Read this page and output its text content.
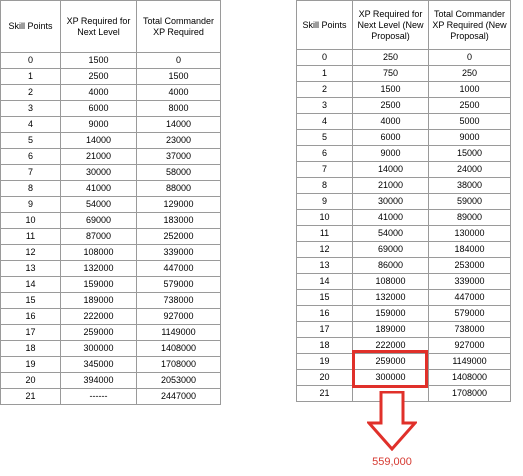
Skill Points	XP Required for Next Level	Total Commander XP Required
0	1500	0
1	2500	1500
2	4000	4000
3	6000	8000
4	9000	14000
5	14000	23000
6	21000	37000
7	30000	58000
8	41000	88000
9	54000	129000
10	69000	183000
11	87000	252000
12	108000	339000
13	132000	447000
14	159000	579000
15	189000	738000
16	222000	927000
17	259000	1149000
18	300000	1408000
19	345000	1708000
20	394000	2053000
21	------	2447000
Skill Points	XP Required for Next Level (New Proposal)	Total Commander XP Required (New Proposal)
0	250	0
1	750	250
2	1500	1000
3	2500	2500
4	4000	5000
5	6000	9000
6	9000	15000
7	14000	24000
8	21000	38000
9	30000	59000
10	41000	89000
11	54000	130000
12	69000	184000
13	86000	253000
14	108000	339000
15	132000	447000
16	159000	579000
17	189000	738000
18	222000	927000
19	259000	1149000
20	300000	1408000
21		1708000
559,000
